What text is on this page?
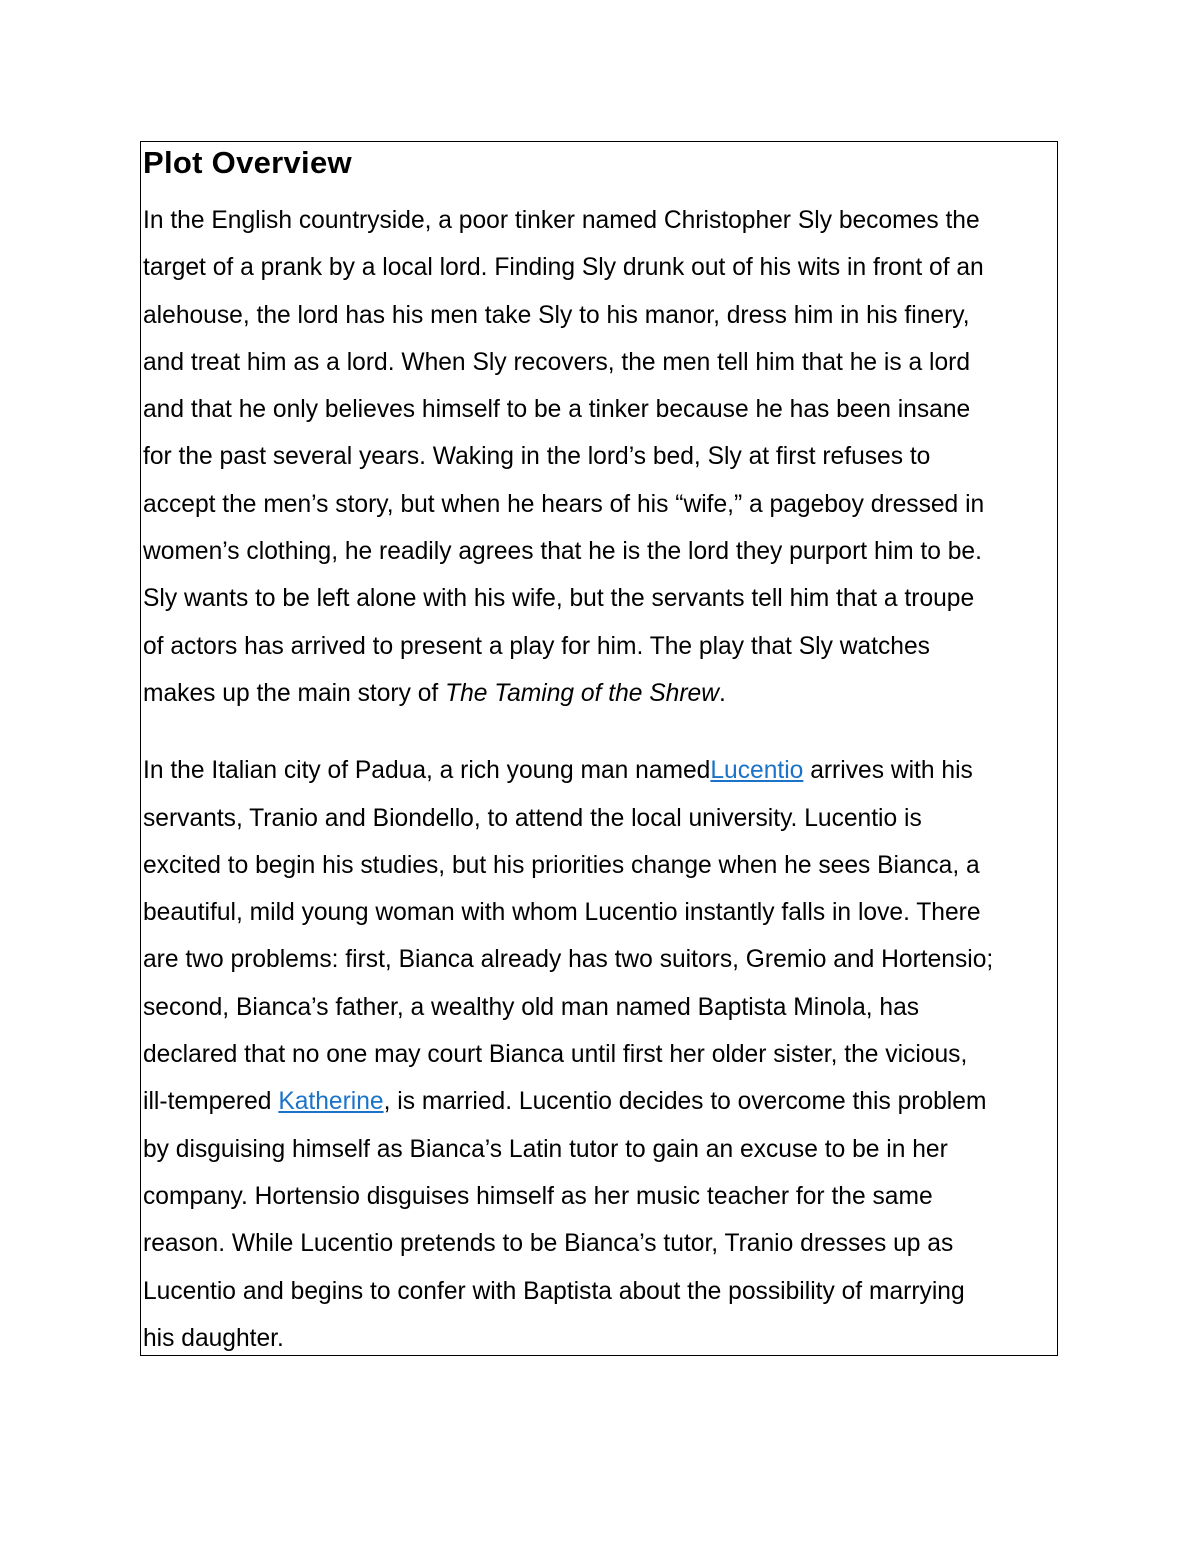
Plot Overview

In the English countryside, a poor tinker named Christopher Sly becomes the
target of a prank by a local lord. Finding Sly drunk out of his wits in front of an
alehouse, the lord has his men take Sly to his manor, dress him in his finery,
and treat him as a lord. When Sly recovers, the men tell him that he is a lord
and that he only believes himself to be a tinker because he has been insane
for the past several years. Waking in the lord’s bed, Sly at first refuses to
accept the men’s story, but when he hears of his “wife,” a pageboy dressed in
women’s clothing, he readily agrees that he is the lord they purport him to be.
Sly wants to be left alone with his wife, but the servants tell him that a troupe
of actors has arrived to present a play for him. The play that Sly watches
makes up the main story of The Taming of the Shrew.

In the Italian city of Padua, a rich young man namedLucentio arrives with his
servants, Tranio and Biondello, to attend the local university. Lucentio is
excited to begin his studies, but his priorities change when he sees Bianca, a
beautiful, mild young woman with whom Lucentio instantly falls in love. There
are two problems: first, Bianca already has two suitors, Gremio and Hortensio;
second, Bianca’s father, a wealthy old man named Baptista Minola, has
declared that no one may court Bianca until first her older sister, the vicious,
ill-tempered Katherine, is married. Lucentio decides to overcome this problem
by disguising himself as Bianca’s Latin tutor to gain an excuse to be in her
company. Hortensio disguises himself as her music teacher for the same
reason. While Lucentio pretends to be Bianca’s tutor, Tranio dresses up as
Lucentio and begins to confer with Baptista about the possibility of marrying
his daughter.
